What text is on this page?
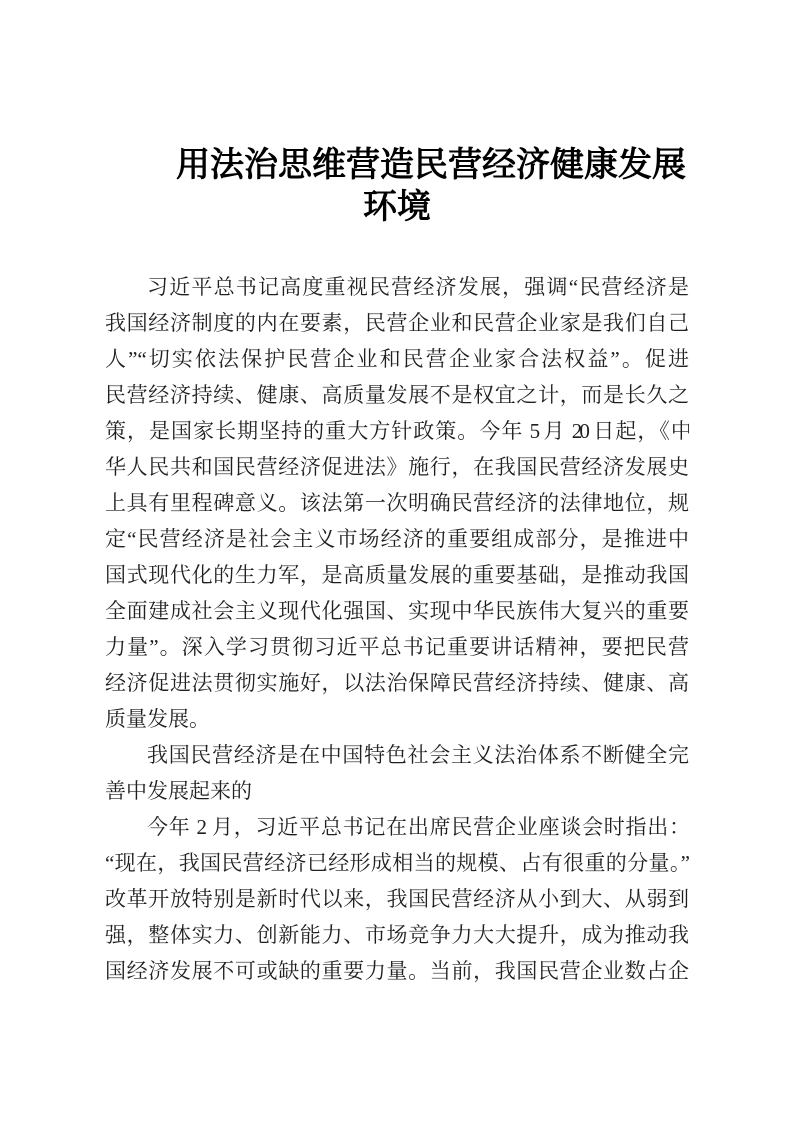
用法治思维营造民营经济健康发展
环境
习近平总书记高度重视民营经济发展，强调“民营经济是
我国经济制度的内在要素，民营企业和民营企业家是我们自己
人”“切实依法保护民营企业和民营企业家合法权益”。促进
民营经济持续、健康、高质量发展不是权宜之计，而是长久之
策，是国家长期坚持的重大方针政策。今年 5 月 20 日起，《中
华人民共和国民营经济促进法》施行，在我国民营经济发展史
上具有里程碑意义。该法第一次明确民营经济的法律地位，规
定“民营经济是社会主义市场经济的重要组成部分，是推进中
国式现代化的生力军，是高质量发展的重要基础，是推动我国
全面建成社会主义现代化强国、实现中华民族伟大复兴的重要
力量”。深入学习贯彻习近平总书记重要讲话精神，要把民营
经济促进法贯彻实施好，以法治保障民营经济持续、健康、高
质量发展。
我国民营经济是在中国特色社会主义法治体系不断健全完
善中发展起来的
今年 2 月，习近平总书记在出席民营企业座谈会时指出：
“现在，我国民营经济已经形成相当的规模、占有很重的分量。”
改革开放特别是新时代以来，我国民营经济从小到大、从弱到
强，整体实力、创新能力、市场竞争力大大提升，成为推动我
国经济发展不可或缺的重要力量。当前，我国民营企业数占企
